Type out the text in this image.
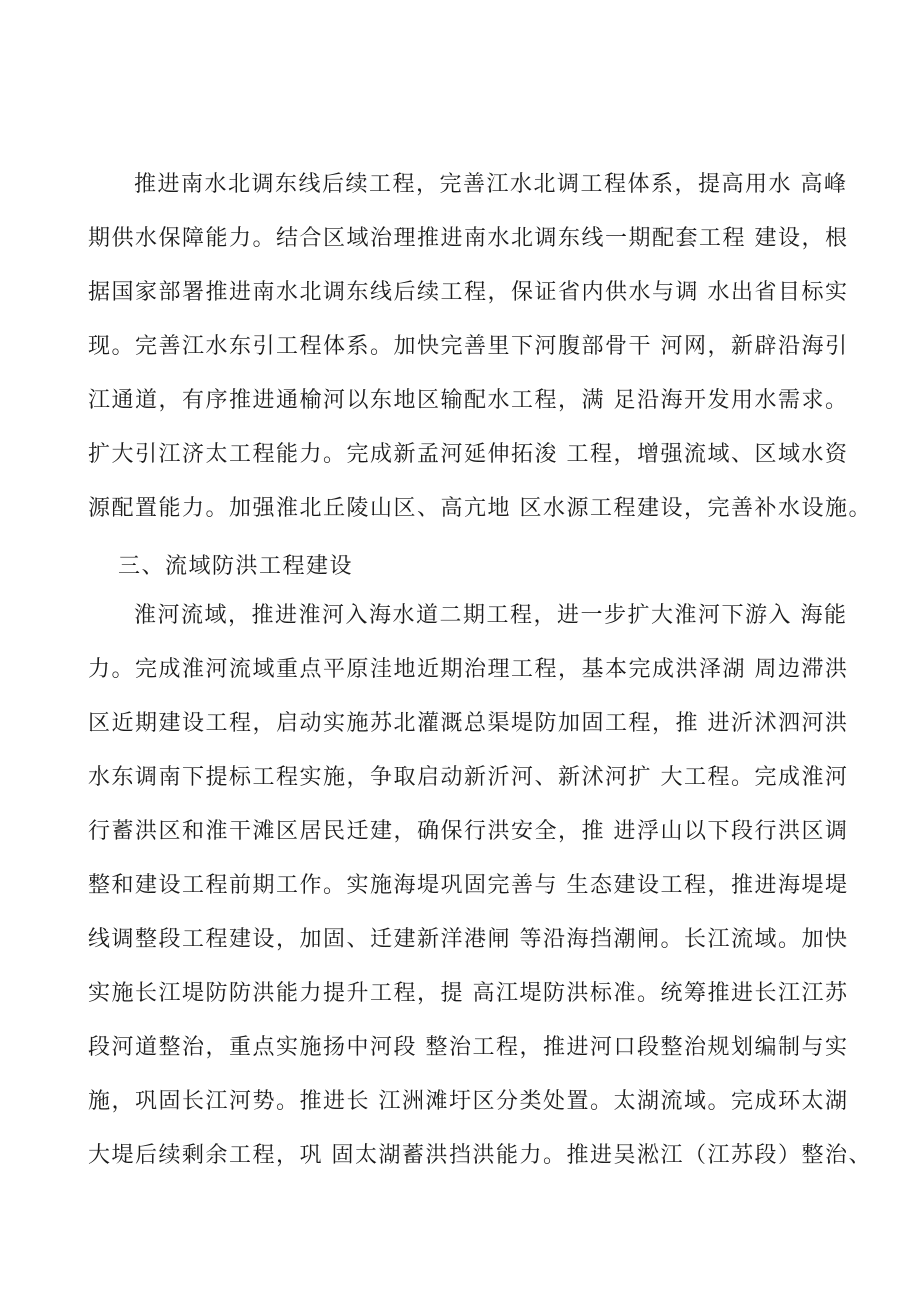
推进南水北调东线后续工程，完善江水北调工程体系，提高用水 高峰
期供水保障能力。结合区域治理推进南水北调东线一期配套工程 建设，根
据国家部署推进南水北调东线后续工程，保证省内供水与调 水出省目标实
现。完善江水东引工程体系。加快完善里下河腹部骨干 河网，新辟沿海引
江通道，有序推进通榆河以东地区输配水工程，满 足沿海开发用水需求。
扩大引江济太工程能力。完成新孟河延伸拓浚 工程，增强流域、区域水资
源配置能力。加强淮北丘陵山区、高亢地 区水源工程建设，完善补水设施。
三、流域防洪工程建设
淮河流域，推进淮河入海水道二期工程，进一步扩大淮河下游入 海能
力。完成淮河流域重点平原洼地近期治理工程，基本完成洪泽湖 周边滞洪
区近期建设工程，启动实施苏北灌溉总渠堤防加固工程，推 进沂沭泗河洪
水东调南下提标工程实施，争取启动新沂河、新沭河扩 大工程。完成淮河
行蓄洪区和淮干滩区居民迁建，确保行洪安全，推 进浮山以下段行洪区调
整和建设工程前期工作。实施海堤巩固完善与 生态建设工程，推进海堤堤
线调整段工程建设，加固、迁建新洋港闸 等沿海挡潮闸。长江流域。加快
实施长江堤防防洪能力提升工程，提 高江堤防洪标准。统筹推进长江江苏
段河道整治，重点实施扬中河段 整治工程，推进河口段整治规划编制与实
施，巩固长江河势。推进长 江洲滩圩区分类处置。太湖流域。完成环太湖
大堤后续剩余工程，巩 固太湖蓄洪挡洪能力。推进吴淞江（江苏段）整治、
